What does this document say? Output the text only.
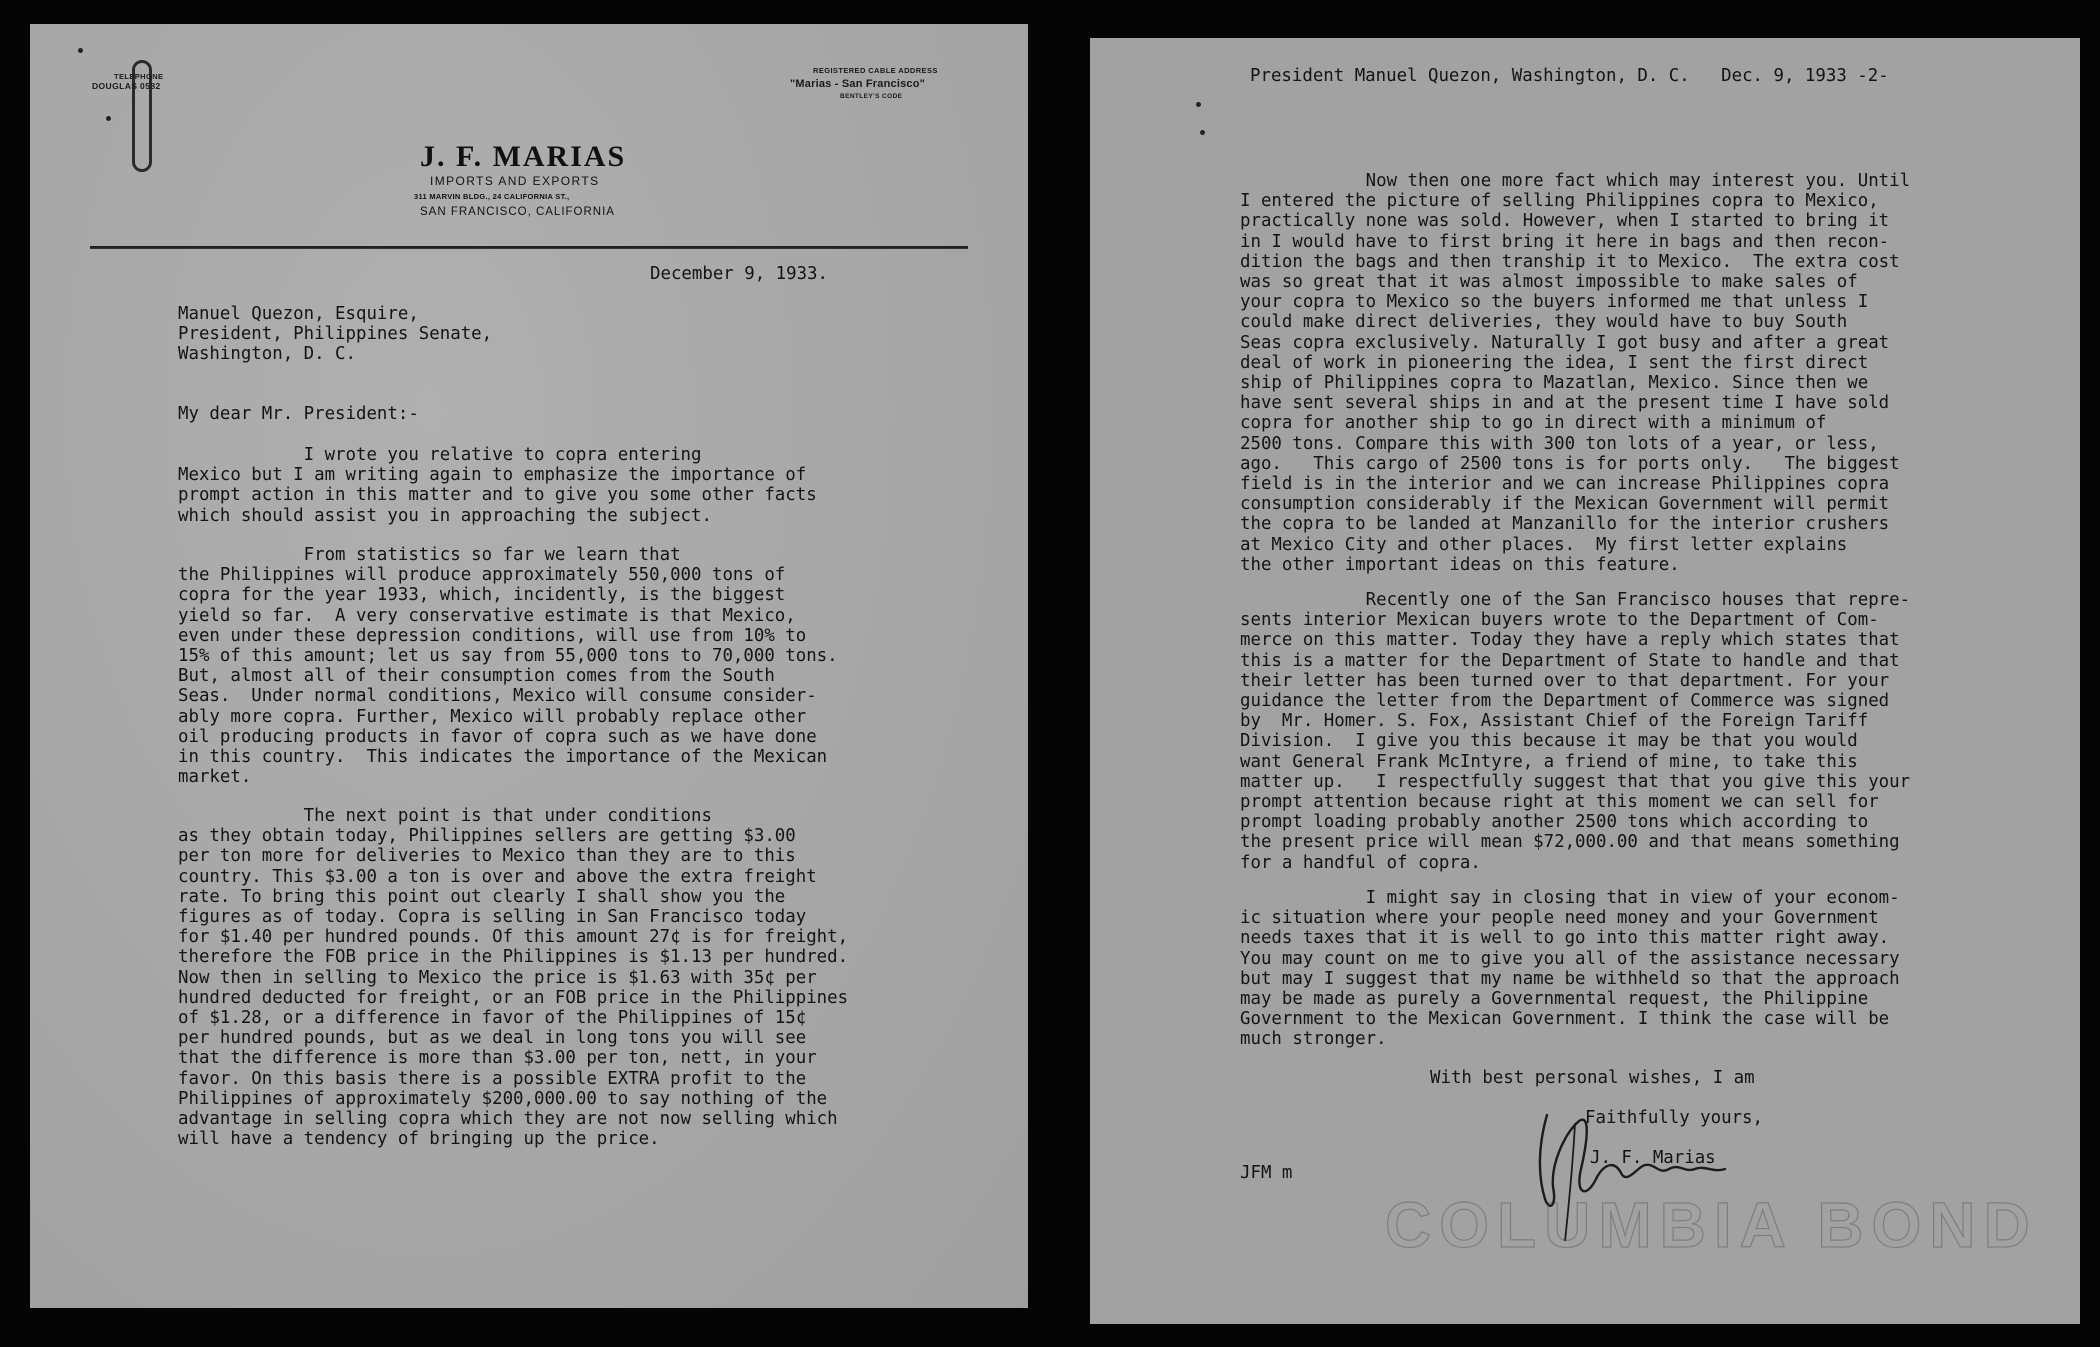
TELEPHONE
DOUGLAS 0582
REGISTERED CABLE ADDRESS
"Marias - San Francisco"
BENTLEY'S CODE
J. F. MARIAS
IMPORTS AND EXPORTS
311 MARVIN BLDG., 24 CALIFORNIA ST.,
SAN FRANCISCO, CALIFORNIA
December 9, 1933.
Manuel Quezon, Esquire,
President, Philippines Senate,
Washington, D. C.
My dear Mr. President:-
I wrote you relative to copra entering
Mexico but I am writing again to emphasize the importance of
prompt action in this matter and to give you some other facts
which should assist you in approaching the subject.
From statistics so far we learn that
the Philippines will produce approximately 550,000 tons of
copra for the year 1933, which, incidently, is the biggest
yield so far.  A very conservative estimate is that Mexico,
even under these depression conditions, will use from 10% to
15% of this amount; let us say from 55,000 tons to 70,000 tons.
But, almost all of their consumption comes from the South
Seas.  Under normal conditions, Mexico will consume consider-
ably more copra. Further, Mexico will probably replace other
oil producing products in favor of copra such as we have done
in this country.  This indicates the importance of the Mexican
market.
The next point is that under conditions
as they obtain today, Philippines sellers are getting $3.00
per ton more for deliveries to Mexico than they are to this
country. This $3.00 a ton is over and above the extra freight
rate. To bring this point out clearly I shall show you the
figures as of today. Copra is selling in San Francisco today
for $1.40 per hundred pounds. Of this amount 27¢ is for freight,
therefore the FOB price in the Philippines is $1.13 per hundred.
Now then in selling to Mexico the price is $1.63 with 35¢ per
hundred deducted for freight, or an FOB price in the Philippines
of $1.28, or a difference in favor of the Philippines of 15¢
per hundred pounds, but as we deal in long tons you will see
that the difference is more than $3.00 per ton, nett, in your
favor. On this basis there is a possible EXTRA profit to the
Philippines of approximately $200,000.00 to say nothing of the
advantage in selling copra which they are not now selling which
will have a tendency of bringing up the price.
President Manuel Quezon, Washington, D. C.   Dec. 9, 1933 -2-
Now then one more fact which may interest you. Until
I entered the picture of selling Philippines copra to Mexico,
practically none was sold. However, when I started to bring it
in I would have to first bring it here in bags and then recon-
dition the bags and then tranship it to Mexico.  The extra cost
was so great that it was almost impossible to make sales of
your copra to Mexico so the buyers informed me that unless I
could make direct deliveries, they would have to buy South
Seas copra exclusively. Naturally I got busy and after a great
deal of work in pioneering the idea, I sent the first direct
ship of Philippines copra to Mazatlan, Mexico. Since then we
have sent several ships in and at the present time I have sold
copra for another ship to go in direct with a minimum of
2500 tons. Compare this with 300 ton lots of a year, or less,
ago.   This cargo of 2500 tons is for ports only.   The biggest
field is in the interior and we can increase Philippines copra
consumption considerably if the Mexican Government will permit
the copra to be landed at Manzanillo for the interior crushers
at Mexico City and other places.  My first letter explains
the other important ideas on this feature.
Recently one of the San Francisco houses that repre-
sents interior Mexican buyers wrote to the Department of Com-
merce on this matter. Today they have a reply which states that
this is a matter for the Department of State to handle and that
their letter has been turned over to that department. For your
guidance the letter from the Department of Commerce was signed
by  Mr. Homer. S. Fox, Assistant Chief of the Foreign Tariff
Division.  I give you this because it may be that you would
want General Frank McIntyre, a friend of mine, to take this
matter up.   I respectfully suggest that that you give this your
prompt attention because right at this moment we can sell for
prompt loading probably another 2500 tons which according to
the present price will mean $72,000.00 and that means something
for a handful of copra.
I might say in closing that in view of your econom-
ic situation where your people need money and your Government
needs taxes that it is well to go into this matter right away.
You may count on me to give you all of the assistance necessary
but may I suggest that my name be withheld so that the approach
may be made as purely a Governmental request, the Philippine
Government to the Mexican Government. I think the case will be
much stronger.
With best personal wishes, I am
Faithfully yours,
J. F. Marias
JFM m
COLUMBIA BOND
